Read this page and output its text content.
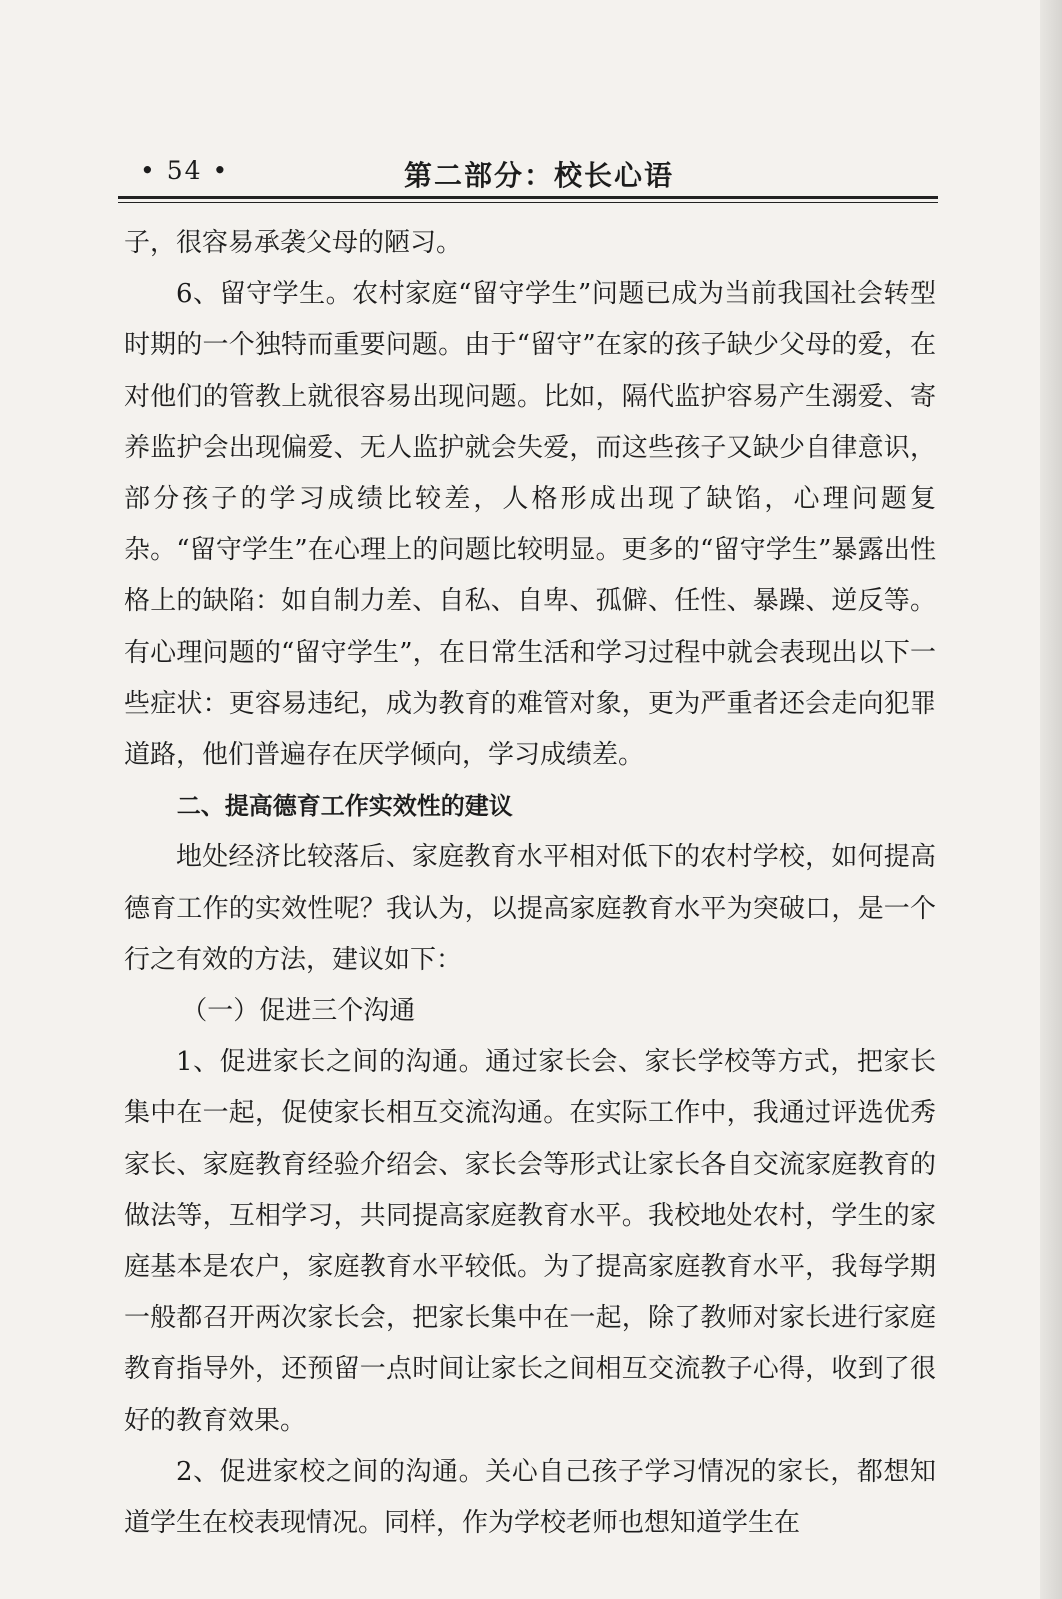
• 54 •	第二部分：校长心语

子，很容易承袭父母的陋习。

6、留守学生。农村家庭“留守学生”问题已成为当前我国社会转型时期的一个独特而重要问题。由于“留守”在家的孩子缺少父母的爱，在对他们的管教上就很容易出现问题。比如，隔代监护容易产生溺爱、寄养监护会出现偏爱、无人监护就会失爱，而这些孩子又缺少自律意识，部分孩子的学习成绩比较差，人格形成出现了缺馅，心理问题复杂。“留守学生”在心理上的问题比较明显。更多的“留守学生”暴露出性格上的缺陷：如自制力差、自私、自卑、孤僻、任性、暴躁、逆反等。有心理问题的“留守学生”，在日常生活和学习过程中就会表现出以下一些症状：更容易违纪，成为教育的难管对象，更为严重者还会走向犯罪道路，他们普遍存在厌学倾向，学习成绩差。

二、提高德育工作实效性的建议

地处经济比较落后、家庭教育水平相对低下的农村学校，如何提高德育工作的实效性呢？我认为，以提高家庭教育水平为突破口，是一个行之有效的方法，建议如下：

（一）促进三个沟通

1、促进家长之间的沟通。通过家长会、家长学校等方式，把家长集中在一起，促使家长相互交流沟通。在实际工作中，我通过评选优秀家长、家庭教育经验介绍会、家长会等形式让家长各自交流家庭教育的做法等，互相学习，共同提高家庭教育水平。我校地处农村，学生的家庭基本是农户，家庭教育水平较低。为了提高家庭教育水平，我每学期一般都召开两次家长会，把家长集中在一起，除了教师对家长进行家庭教育指导外，还预留一点时间让家长之间相互交流教子心得，收到了很好的教育效果。

2、促进家校之间的沟通。关心自己孩子学习情况的家长，都想知道学生在校表现情况。同样，作为学校老师也想知道学生在
